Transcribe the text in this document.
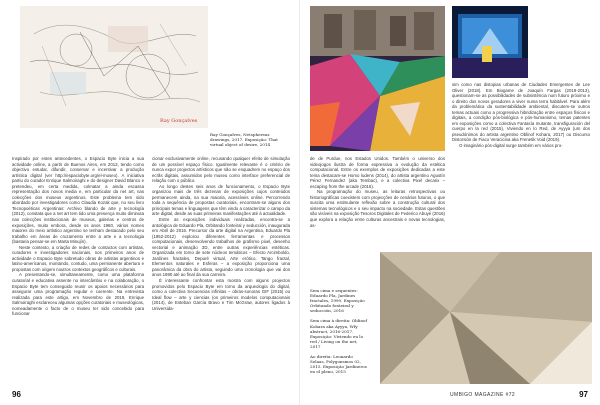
Ray Gonçalves
Ray Gonçalves, Netsphereaz drawings, 2017. Exposição: That virtual object of desire, 2014

Inspirado por estes antecedentes, o Espacio Byte inicia a sua actividade online, a partir de Buenos Aires, em 2013, tendo como objectivo estudar, difundir, conservar e incentivar a produção artística digital (ver http://espaciobyte.org/el-museo). A iniciativa partiu do curador Enrique Salmoiraghi e do designer David Blanco e pretendeu, em certa medida, colmatar a ainda escassa representação dos novos media e, em particular da net art, nas colecções dos museus argentinos. Este problema tem sido abordado por investigadores como Claudia Kozak que, no seu livro Tecnopoéticas Argentinas: Archivo blando de arte y tecnología (2012), constata que a net art tem tido uma presença muito diminuta nas colecções institucionais de museus, galerias e centros de exposições, muito embora, desde os anos 1960, vários nomes maiores do meio artístico argentino se tenham destacado pelo seu trabalho em áreas de cruzamento entre a arte e a tecnologia (bastaria pensar-se em Marta Minujín).

Neste contexto, a criação de redes de contactos com artistas, curadores e investigadores nacionais, nos primeiros anos de actividade o Espacio Byte sobretudo obras de artistas argentinos e latino-americanos, montando, contudo, uma permanente abertura e propostas com origem noutros contextos geográficos e culturais.

A presentando-se, simultaneamente, como uma plataforma curatorial e educativa assente no intercâmbio e na colaboração, o Espacio Byte tem conseguido reunir os apoios necessários para assegurar uma programação regular e coerente. Na entrevista realizada para este artigo, em Novembro de 2019, Enrique Salmoiraghi esclareceu algumas opções curatoriais e museológicas, nomeadamente o facto de o museu ter sido concebido para funcionar

cionar exclusivamente online, recusando qualquer efeito de simulação de um possível espaço físico. Igualmente relevante é o critério de nunca expor projectos artísticos que não se enquadrem no espaço dos ecrãs digitais, assumidos pelo museu como interface preferencial de relação com o público.

Ao longo destes seis anos de funcionamento, o Espacio Byte organizou mais de três dezenas de exposições cujos conteúdos permanecem ainda, na sua maioria, acessíveis online. Percorrendo toda a sequência de propostas curatoriais, encontram-se alguns dos principais temas e linguagens que têm vindo a caracterizar o campo da arte digital, desde as suas primeiras manifestações até à actualidade.

Entre as exposições individuais realizadas, encontra-se a antológica de Eduardo Pla, Orbitando fonteiral y seducción, inaugurada em Abril de 2016. Precursor da arte digital na Argentina, Eduardo Pla (1952-2012) explorou diferentes ferramentas e processos computacionais, desenvolvendo trabalhos de grafismo pixel, desenho vectorial e animação 3D, entre outras experiências estéticas. Organizada em torno de sete núcleos temáticos – Efecto Arcimboldo, Jardines fractales, Depuré virtual, Arte erótico, Tango fractal, Elementos naturales e Esferas – a exposição proporciona uma panorâmica da obra do artista, seguindo uma cronologia que vai dos anos 1980 até ao final da sua carreira.

É interessante confrontar esta mostra com alguns projectos promovidos pelo Espacio Byte em torno da arqueologia do digital, como a colectiva Secuencias infinitas – obras-sonoras GIF (2015) ou Ideal flow – arte y ciencias (os primeiros modelos computacionais (2014), de Esteban García Bravo e Tim McGraw, autores ligados à Universida-

96

de de Purdue, nos Estados Unidos. Também o universo dos videojogos ilustra de forma expressiva a evolução da estética computacional. Entre os exemplos de exposições dedicadas a este tema destacam-se Homo ludens (2014), do artista argentino Agustín Pérez Fernandez (aka Tembac), e a colectiva Pixel decarix – escaping from the arcade (2016).

Na programação do museu, as leituras retrospectivas ou historiográficas coexistem com projecções de cenários futuros, o que suscita uma estimulante reflexão sobre a construção cultural dos sistemas tecnológicos e o seu impacto na sociedade. Estas questões são visíveis na exposição Tesoros Digitales de Federico Abuyé (2016) que explora a relação entre culturas ancestrais e novas tecnologias, as-

sim como nas distopias urbanas de Ciudades Emergentes de Lee Oliver (2018). Em Biogame de Joaquín Fargas (2019-2013), questionam-se as possibilidades de subsistência num futuro próximo e o direito dos novos geradores a viver numa terra habitável. Para além da problemática da sustentabilidade ambiental, discutem-se outros temas actuais como a progressiva hibridização entre espaços físicos e digitais, a condição pós-biológica e pós-humanismo, temas patentes em exposições como a colectiva Fantasía mutante, transfiguración del cuerpo en la red (2015), Viviendo en lo Red, de Ayyya (um dos pseudónimos do artista argentino Oblinof Kohara, 2017) ou Discurso Distorsión de Fiaco Veracicina aka Frenetik Void (2019).

O imaginário pós-digital surge também em vários pro-

Sem cima e sequentes: Eduardo Pla, Jardines fractales, 1990. Exposição Orbitando fonteiral y seducción, 2016
Sem cima à direita: Oblinof Kohara aka Ayyya, Wfy abstract, 2016-2017. Exposição: Viviendo en lo red / Living on the net, 2017
Ao direita: Leonardo Solaas, Polygonsmos 02, 2015. Exposição Jardineros en el pleno, 2015
UMBIGO MAGAZINE #72	97
